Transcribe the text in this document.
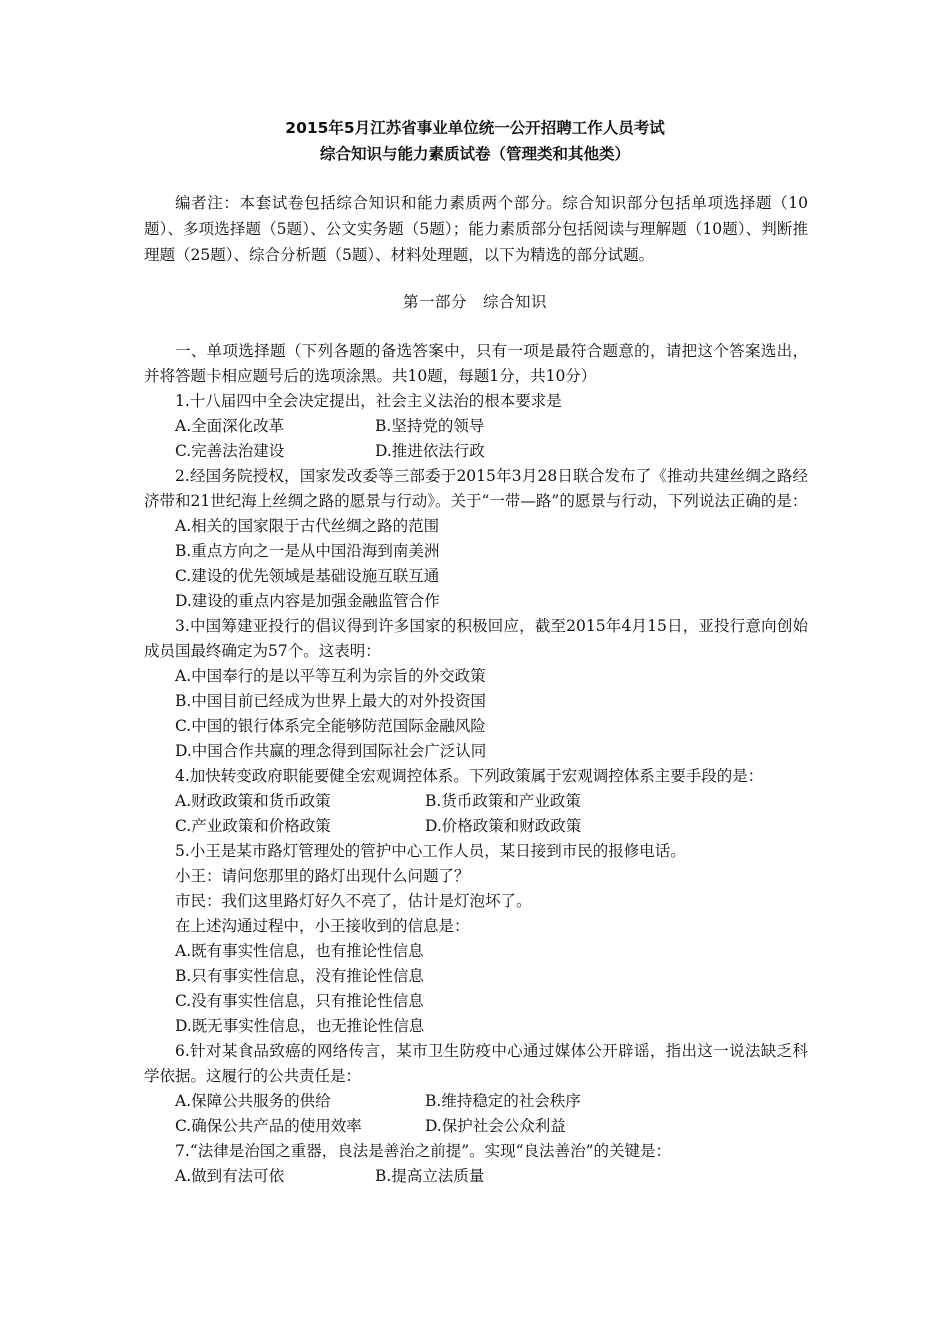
2015年5月江苏省事业单位统一公开招聘工作人员考试
综合知识与能力素质试卷（管理类和其他类）
编者注：本套试卷包括综合知识和能力素质两个部分。综合知识部分包括单项选择题（10题）、多项选择题（5题）、公文实务题（5题）；能力素质部分包括阅读与理解题（10题）、判断推理题（25题）、综合分析题（5题）、材料处理题，以下为精选的部分试题。
第一部分　综合知识
一、单项选择题（下列各题的备选答案中，只有一项是最符合题意的，请把这个答案选出，并将答题卡相应题号后的选项涂黑。共10题，每题1分，共10分）
1.十八届四中全会决定提出，社会主义法治的根本要求是
A.全面深化改革	B.坚持党的领导
C.完善法治建设	D.推进依法行政
2.经国务院授权，国家发改委等三部委于2015年3月28日联合发布了《推动共建丝绸之路经济带和21世纪海上丝绸之路的愿景与行动》。关于“一带—路”的愿景与行动，下列说法正确的是：
A.相关的国家限于古代丝绸之路的范围
B.重点方向之一是从中国沿海到南美洲
C.建设的优先领域是基础设施互联互通
D.建设的重点内容是加强金融监管合作
3.中国筹建亚投行的倡议得到许多国家的积极回应，截至2015年4月15日，亚投行意向创始成员国最终确定为57个。这表明：
A.中国奉行的是以平等互利为宗旨的外交政策
B.中国目前已经成为世界上最大的对外投资国
C.中国的银行体系完全能够防范国际金融风险
D.中国合作共赢的理念得到国际社会广泛认同
4.加快转变政府职能要健全宏观调控体系。下列政策属于宏观调控体系主要手段的是：
A.财政政策和货币政策	B.货币政策和产业政策
C.产业政策和价格政策	D.价格政策和财政政策
5.小王是某市路灯管理处的管护中心工作人员，某日接到市民的报修电话。
小王：请问您那里的路灯出现什么问题了？
市民：我们这里路灯好久不亮了，估计是灯泡坏了。
在上述沟通过程中，小王接收到的信息是：
A.既有事实性信息，也有推论性信息
B.只有事实性信息，没有推论性信息
C.没有事实性信息，只有推论性信息
D.既无事实性信息，也无推论性信息
6.针对某食品致癌的网络传言，某市卫生防疫中心通过媒体公开辟谣，指出这一说法缺乏科学依据。这履行的公共责任是：
A.保障公共服务的供给	B.维持稳定的社会秩序
C.确保公共产品的使用效率	D.保护社会公众利益
7.“法律是治国之重器，良法是善治之前提”。实现“良法善治”的关键是：
A.做到有法可依	B.提高立法质量
